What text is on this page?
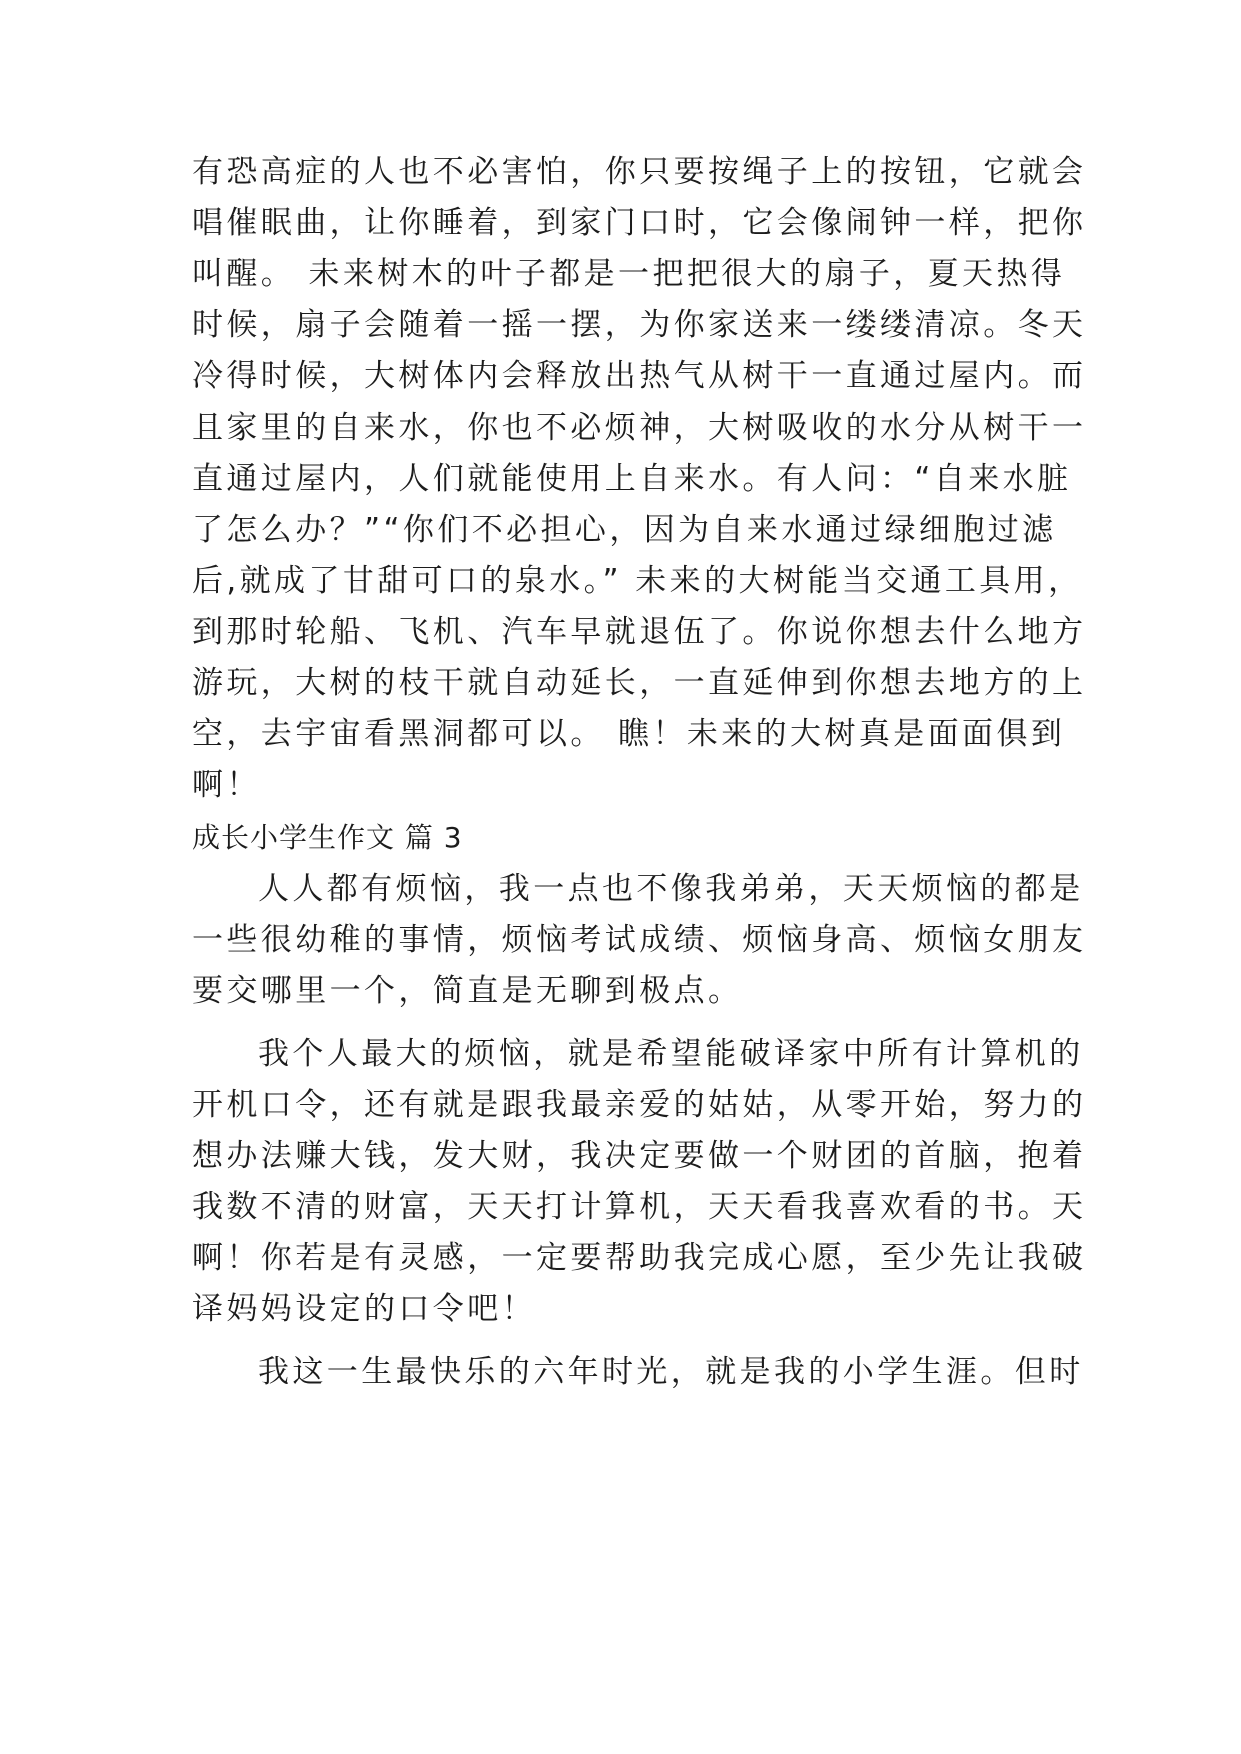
有恐高症的人也不必害怕，你只要按绳子上的按钮，它就会
唱催眠曲，让你睡着，到家门口时，它会像闹钟一样，把你
叫醒。 未来树木的叶子都是一把把很大的扇子，夏天热得
时候，扇子会随着一摇一摆，为你家送来一缕缕清凉。冬天
冷得时候，大树体内会释放出热气从树干一直通过屋内。而
且家里的自来水，你也不必烦神，大树吸收的水分从树干一
直通过屋内，人们就能使用上自来水。有人问：“自来水脏
了怎么办？”“你们不必担心，因为自来水通过绿细胞过滤
后,就成了甘甜可口的泉水。” 未来的大树能当交通工具用，
到那时轮船、飞机、汽车早就退伍了。你说你想去什么地方
游玩，大树的枝干就自动延长，一直延伸到你想去地方的上
空，去宇宙看黑洞都可以。 瞧！未来的大树真是面面俱到
啊！
成长小学生作文 篇 3
人人都有烦恼，我一点也不像我弟弟，天天烦恼的都是
一些很幼稚的事情，烦恼考试成绩、烦恼身高、烦恼女朋友
要交哪里一个，简直是无聊到极点。
我个人最大的烦恼，就是希望能破译家中所有计算机的
开机口令，还有就是跟我最亲爱的姑姑，从零开始，努力的
想办法赚大钱，发大财，我决定要做一个财团的首脑，抱着
我数不清的财富，天天打计算机，天天看我喜欢看的书。天
啊！你若是有灵感，一定要帮助我完成心愿，至少先让我破
译妈妈设定的口令吧！
我这一生最快乐的六年时光，就是我的小学生涯。但时
